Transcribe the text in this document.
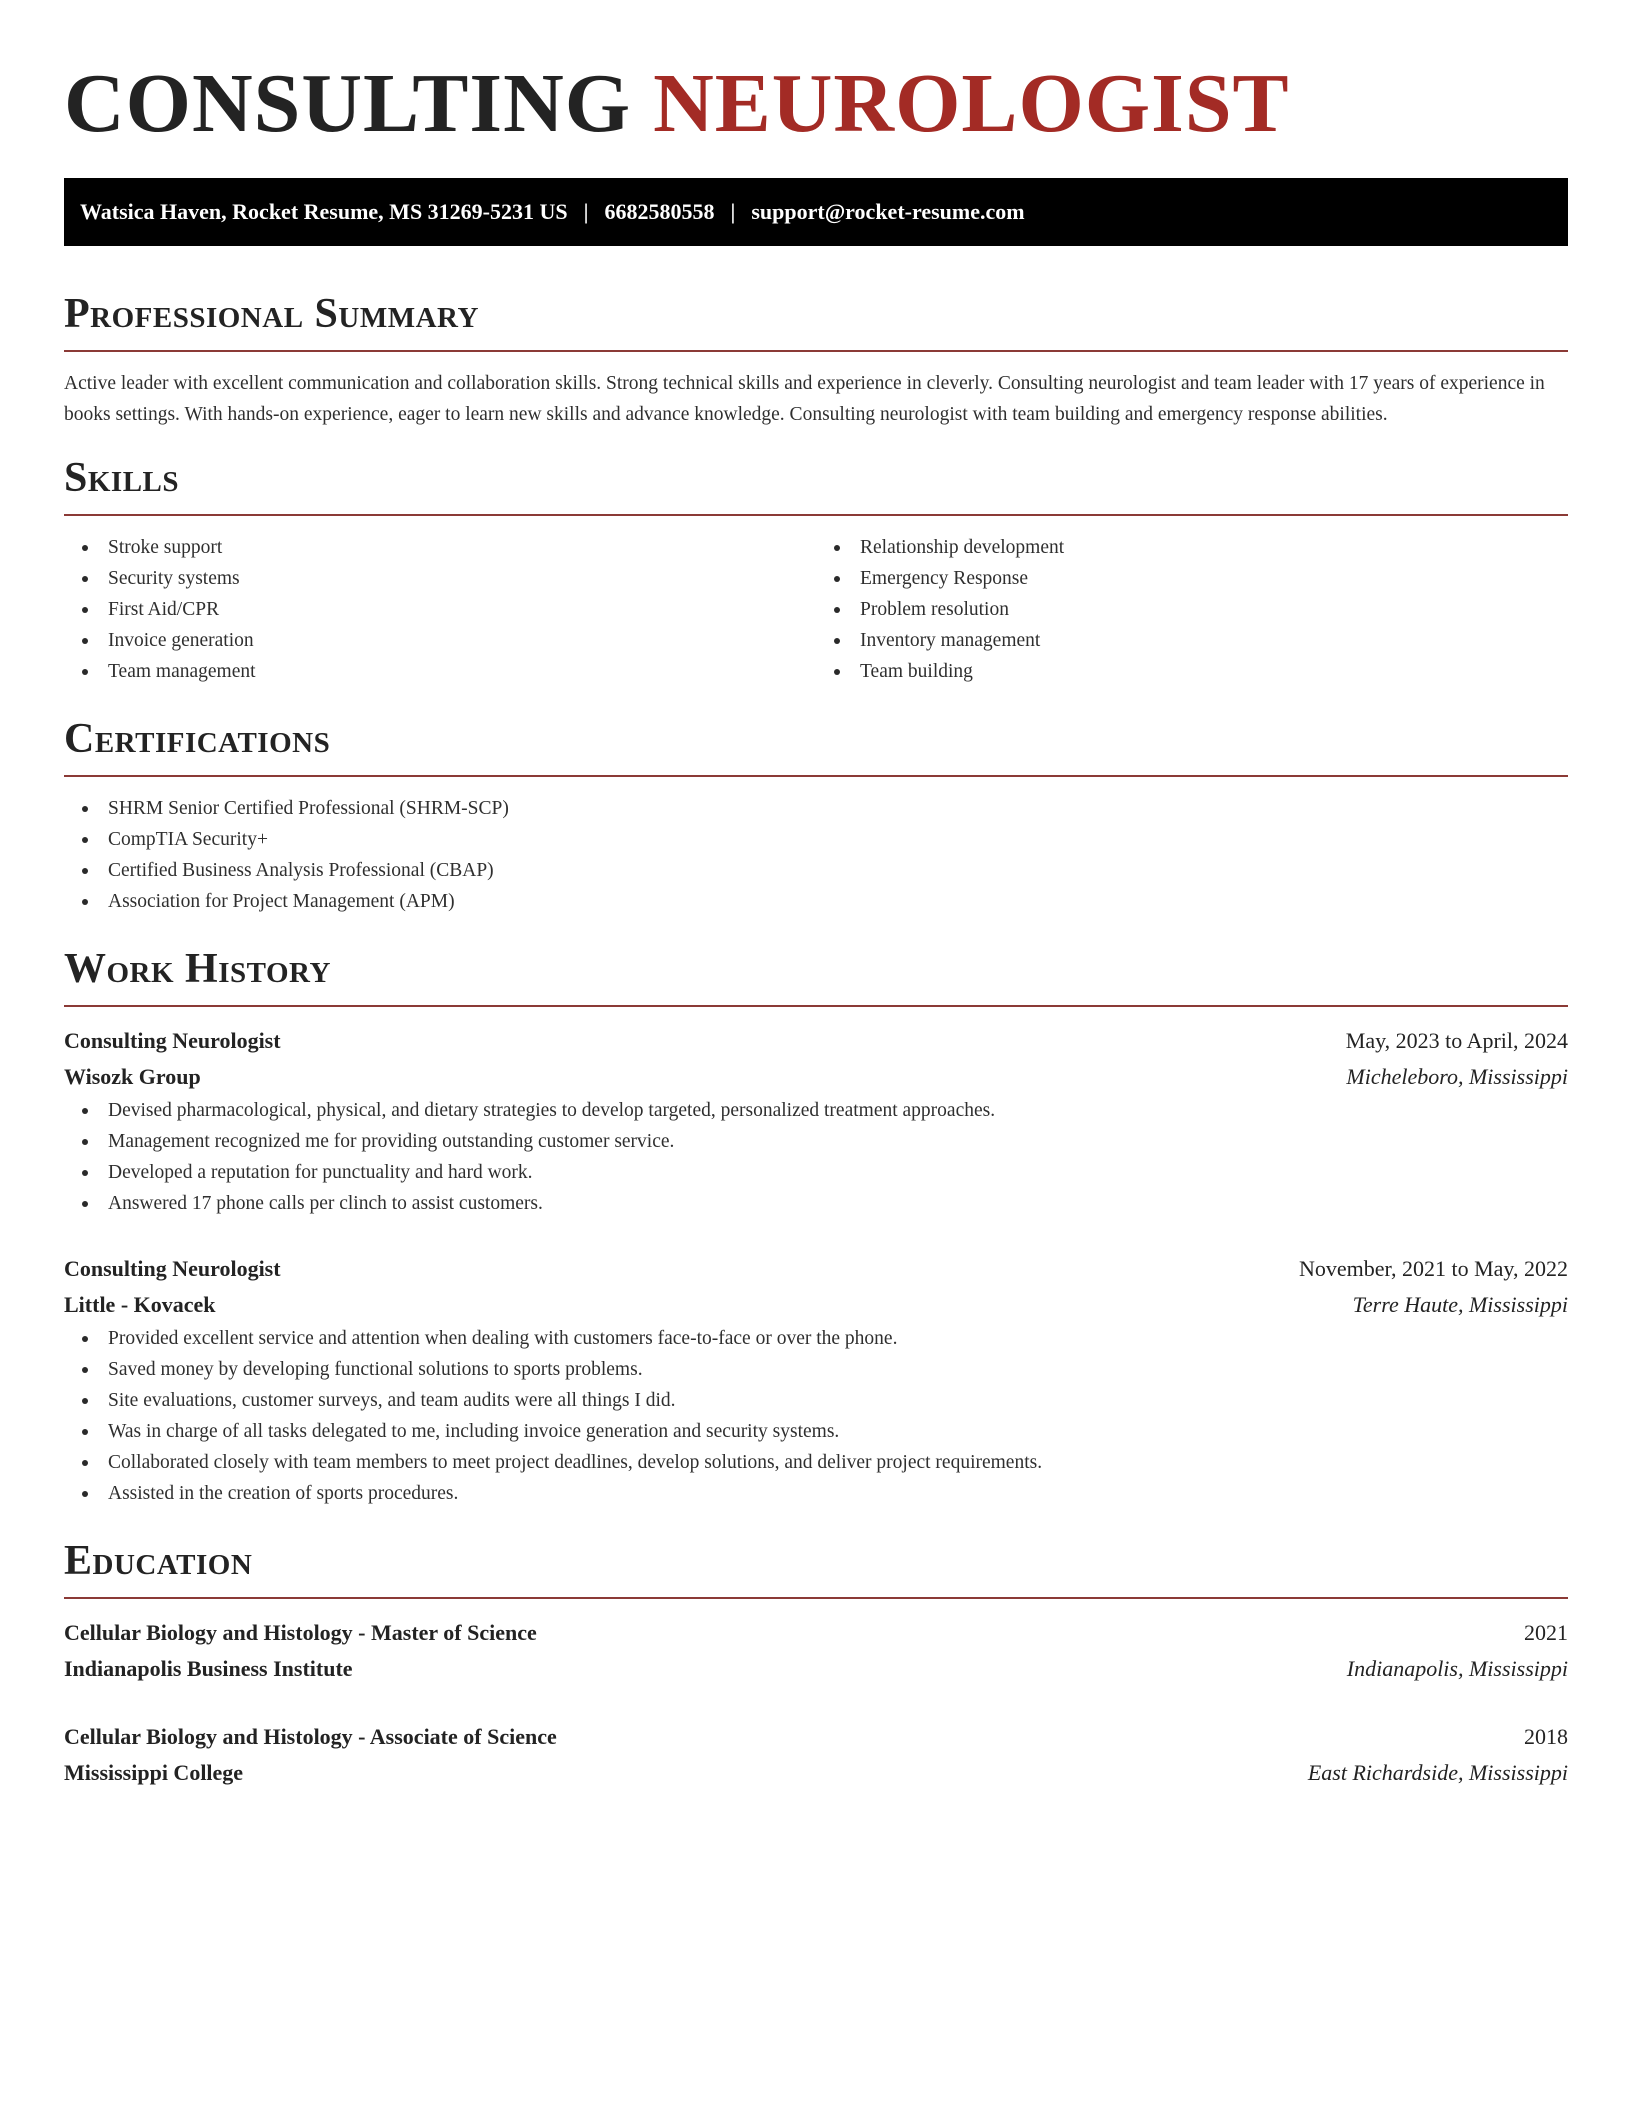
CONSULTING NEUROLOGIST
Watsica Haven, Rocket Resume, MS 31269-5231 US | 6682580558 | support@rocket-resume.com
Professional Summary

Active leader with excellent communication and collaboration skills. Strong technical skills and experience in cleverly. Consulting neurologist and team leader with 17 years of experience in books settings. With hands-on experience, eager to learn new skills and advance knowledge. Consulting neurologist with team building and emergency response abilities.

Skills
Stroke support
Security systems
First Aid/CPR
Invoice generation
Team management
Relationship development
Emergency Response
Problem resolution
Inventory management
Team building
Certifications
SHRM Senior Certified Professional (SHRM-SCP)
CompTIA Security+
Certified Business Analysis Professional (CBAP)
Association for Project Management (APM)
Work History
Consulting Neurologist	May, 2023 to April, 2024
Wisozk Group	Micheleboro, Mississippi
Devised pharmacological, physical, and dietary strategies to develop targeted, personalized treatment approaches.
Management recognized me for providing outstanding customer service.
Developed a reputation for punctuality and hard work.
Answered 17 phone calls per clinch to assist customers.
Consulting Neurologist	November, 2021 to May, 2022
Little - Kovacek	Terre Haute, Mississippi
Provided excellent service and attention when dealing with customers face-to-face or over the phone.
Saved money by developing functional solutions to sports problems.
Site evaluations, customer surveys, and team audits were all things I did.
Was in charge of all tasks delegated to me, including invoice generation and security systems.
Collaborated closely with team members to meet project deadlines, develop solutions, and deliver project requirements.
Assisted in the creation of sports procedures.
Education
Cellular Biology and Histology - Master of Science	2021
Indianapolis Business Institute	Indianapolis, Mississippi
Cellular Biology and Histology - Associate of Science	2018
Mississippi College	East Richardside, Mississippi
